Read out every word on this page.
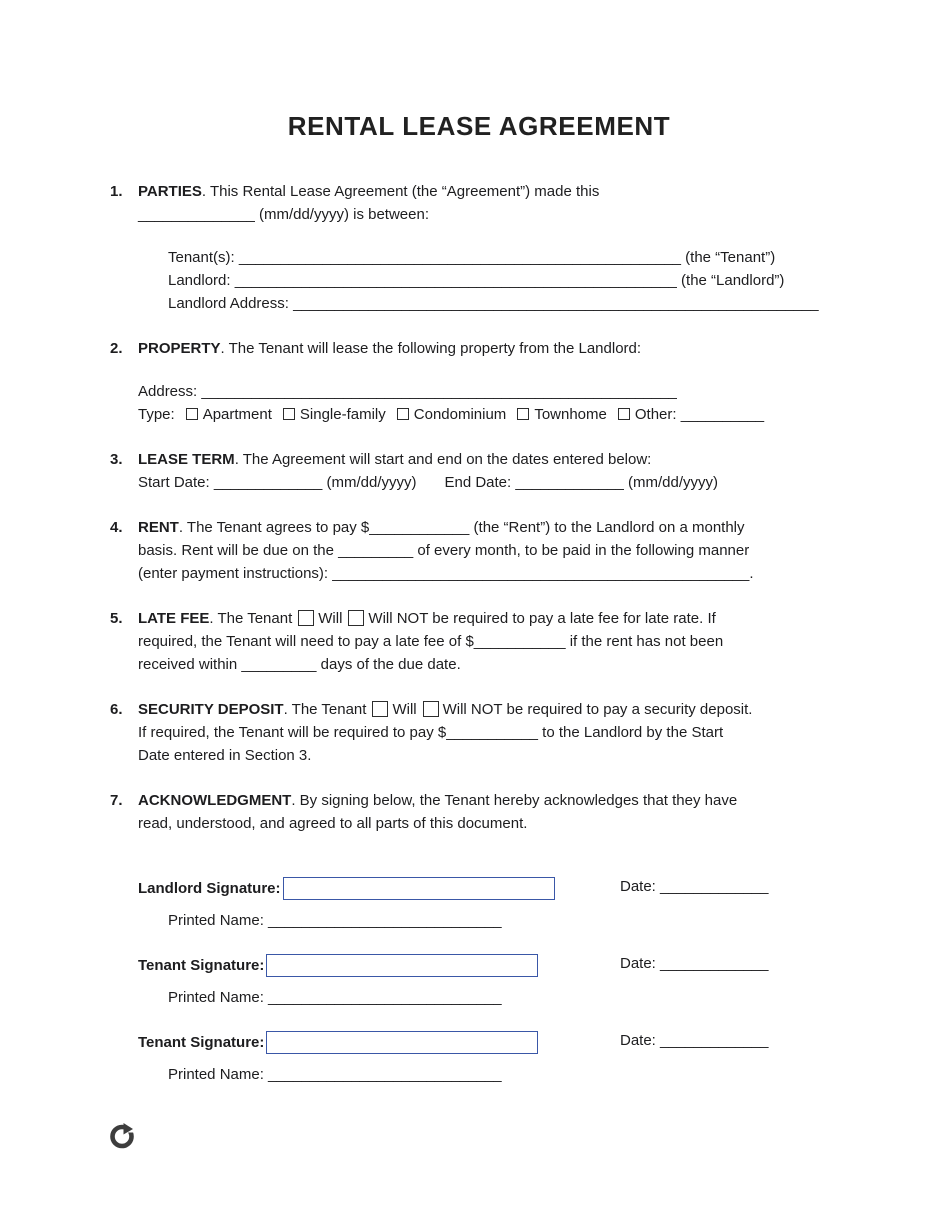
RENTAL LEASE AGREEMENT
1.	PARTIES. This Rental Lease Agreement (the “Agreement”) made this

______________ (mm/dd/yyyy) is between:

Tenant(s): _____________________________________________________ (the “Tenant”)

Landlord: _____________________________________________________ (the “Landlord”)

Landlord Address: _______________________________________________________________

2.	PROPERTY. The Tenant will lease the following property from the Landlord:

Address: _________________________________________________________

Type: Apartment Single-family Condominium Townhome Other: __________

3.	LEASE TERM. The Agreement will start and end on the dates entered below:

Start Date: _____________ (mm/dd/yyyy) End Date: _____________ (mm/dd/yyyy)

4.	RENT. The Tenant agrees to pay $____________ (the “Rent”) to the Landlord on a monthly

basis. Rent will be due on the _________ of every month, to be paid in the following manner

(enter payment instructions): __________________________________________________.

5.	LATE FEE. The Tenant Will Will NOT be required to pay a late fee for late rate. If

required, the Tenant will need to pay a late fee of $___________ if the rent has not been

received within _________ days of the due date.

6.	SECURITY DEPOSIT. The Tenant Will Will NOT be required to pay a security deposit.

If required, the Tenant will be required to pay $___________ to the Landlord by the Start

Date entered in Section 3.

7.	ACKNOWLEDGMENT. By signing below, the Tenant hereby acknowledges that they have

read, understood, and agreed to all parts of this document.

Landlord Signature:	Date: _____________

Printed Name: ____________________________

Tenant Signature:	Date: _____________

Printed Name: ____________________________

Tenant Signature:	Date: _____________

Printed Name: ____________________________
